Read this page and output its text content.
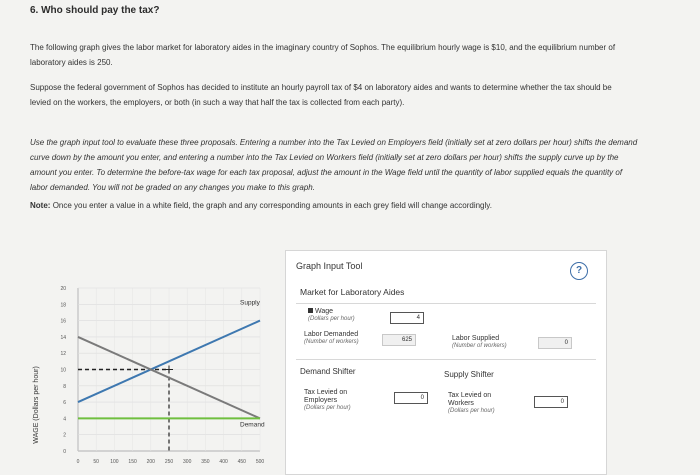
6. Who should pay the tax?

The following graph gives the labor market for laboratory aides in the imaginary country of Sophos. The equilibrium hourly wage is $10, and the equilibrium number of laboratory aides is 250.

Suppose the federal government of Sophos has decided to institute an hourly payroll tax of $4 on laboratory aides and wants to determine whether the tax should be levied on the workers, the employers, or both (in such a way that half the tax is collected from each party).

Use the graph input tool to evaluate these three proposals. Entering a number into the Tax Levied on Employers field (initially set at zero dollars per hour) shifts the demand curve down by the amount you enter, and entering a number into the Tax Levied on Workers field (initially set at zero dollars per hour) shifts the supply curve up by the amount you enter. To determine the before-tax wage for each tax proposal, adjust the amount in the Wage field until the quantity of labor supplied equals the quantity of labor demanded. You will not be graded on any changes you make to this graph.

Note: Once you enter a value in a white field, the graph and any corresponding amounts in each grey field will change accordingly.

WAGE (Dollars per hour)
20
18
16
14
12
10
8
6
4
2
0
0	50 100 150 200 250 300 350 400 450 500
Supply
Demand
Graph Input Tool
Market for Laboratory Aides
Wage
(Dollars per hour)	4
Labor Demanded
(Number of workers)	625	Labor Supplied
(Number of workers)	0
Demand Shifter	Supply Shifter
Tax Levied on Employers
(Dollars per hour)
0	Tax Levied on Workers
(Dollars per hour)
0
?
